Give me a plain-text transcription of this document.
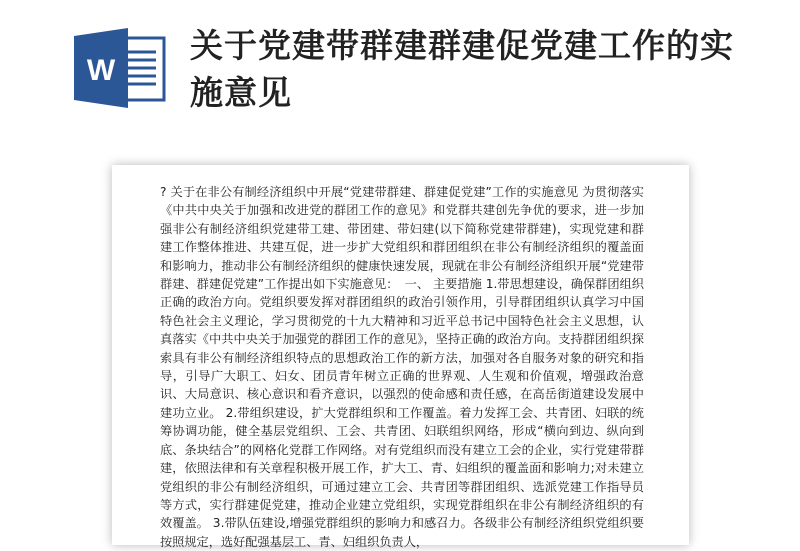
W
关于党建带群建群建促党建工作的实施意见
? 关于在非公有制经济组织中开展“党建带群建、群建促党建”工作的实施意见 为贯彻落实《中共中央关于加强和改进党的群团工作的意见》和党群共建创先争优的要求，进一步加强非公有制经济组织党建带工建、带团建、带妇建(以下简称党建带群建)，实现党建和群建工作整体推进、共建互促，进一步扩大党组织和群团组织在非公有制经济组织的覆盖面和影响力，推动非公有制经济组织的健康快速发展，现就在非公有制经济组织开展“党建带群建、群建促党建”工作提出如下实施意见：　一、 主要措施 1.带思想建设，确保群团组织正确的政治方向。党组织要发挥对群团组织的政治引领作用，引导群团组织认真学习中国特色社会主义理论，学习贯彻党的十九大精神和习近平总书记中国特色社会主义思想，认真落实《中共中央关于加强党的群团工作的意见》，坚持正确的政治方向。支持群团组织探索具有非公有制经济组织特点的思想政治工作的新方法，加强对各自服务对象的研究和指导，引导广大职工、妇女、团员青年树立正确的世界观、人生观和价值观，增强政治意识、大局意识、核心意识和看齐意识，以强烈的使命感和责任感，在高岳街道建设发展中建功立业。 2.带组织建设，扩大党群组织和工作覆盖。着力发挥工会、共青团、妇联的统筹协调功能，健全基层党组织、工会、共青团、妇联组织网络，形成“横向到边、纵向到底、条块结合”的网格化党群工作网络。对有党组织而没有建立工会的企业，实行党建带群建，依照法律和有关章程积极开展工作，扩大工、青、妇组织的覆盖面和影响力;对未建立党组织的非公有制经济组织，可通过建立工会、共青团等群团组织、选派党建工作指导员等方式，实行群建促党建，推动企业建立党组织，实现党群组织在非公有制经济组织的有效覆盖。 3.带队伍建设,增强党群组织的影响力和感召力。各级非公有制经济组织党组织要按照规定，选好配强基层工、青、妇组织负责人，
